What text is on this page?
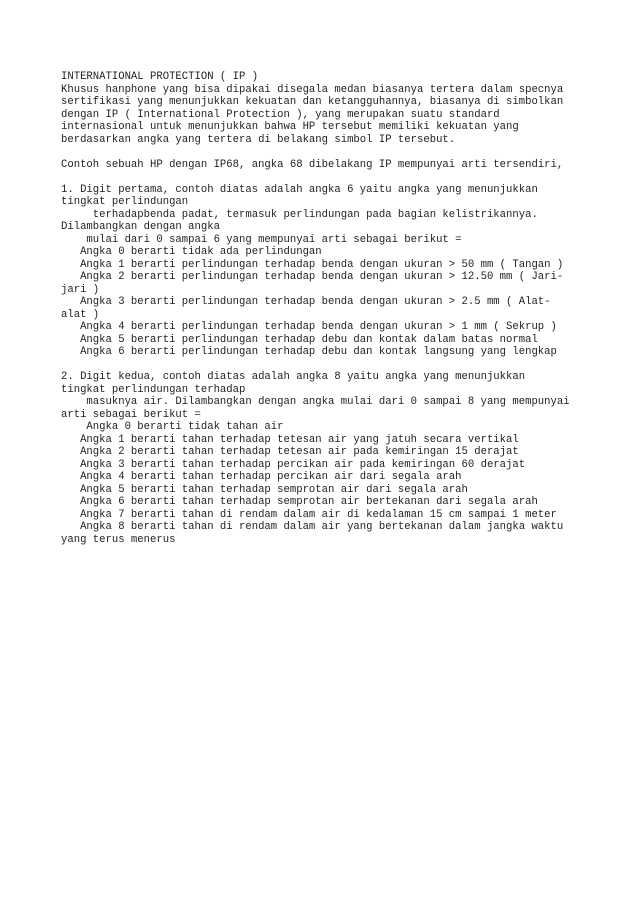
INTERNATIONAL PROTECTION ( IP )
Khusus hanphone yang bisa dipakai disegala medan biasanya tertera dalam specnya
sertifikasi yang menunjukkan kekuatan dan ketangguhannya, biasanya di simbolkan
dengan IP ( International Protection ), yang merupakan suatu standard
internasional untuk menunjukkan bahwa HP tersebut memiliki kekuatan yang
berdasarkan angka yang tertera di belakang simbol IP tersebut.
Contoh sebuah HP dengan IP68, angka 68 dibelakang IP mempunyai arti tersendiri,
1. Digit pertama, contoh diatas adalah angka 6 yaitu angka yang menunjukkan
tingkat perlindungan
terhadapbenda padat, termasuk perlindungan pada bagian kelistrikannya.
Dilambangkan dengan angka
mulai dari 0 sampai 6 yang mempunyai arti sebagai berikut =
Angka 0 berarti tidak ada perlindungan
Angka 1 berarti perlindungan terhadap benda dengan ukuran > 50 mm ( Tangan )
Angka 2 berarti perlindungan terhadap benda dengan ukuran > 12.50 mm ( Jari-
jari )
Angka 3 berarti perlindungan terhadap benda dengan ukuran > 2.5 mm ( Alat-
alat )
Angka 4 berarti perlindungan terhadap benda dengan ukuran > 1 mm ( Sekrup )
Angka 5 berarti perlindungan terhadap debu dan kontak dalam batas normal
Angka 6 berarti perlindungan terhadap debu dan kontak langsung yang lengkap
2. Digit kedua, contoh diatas adalah angka 8 yaitu angka yang menunjukkan
tingkat perlindungan terhadap
masuknya air. Dilambangkan dengan angka mulai dari 0 sampai 8 yang mempunyai
arti sebagai berikut =
Angka 0 berarti tidak tahan air
Angka 1 berarti tahan terhadap tetesan air yang jatuh secara vertikal
Angka 2 berarti tahan terhadap tetesan air pada kemiringan 15 derajat
Angka 3 berarti tahan terhadap percikan air pada kemiringan 60 derajat
Angka 4 berarti tahan terhadap percikan air dari segala arah
Angka 5 berarti tahan terhadap semprotan air dari segala arah
Angka 6 berarti tahan terhadap semprotan air bertekanan dari segala arah
Angka 7 berarti tahan di rendam dalam air di kedalaman 15 cm sampai 1 meter
Angka 8 berarti tahan di rendam dalam air yang bertekanan dalam jangka waktu
yang terus menerus
